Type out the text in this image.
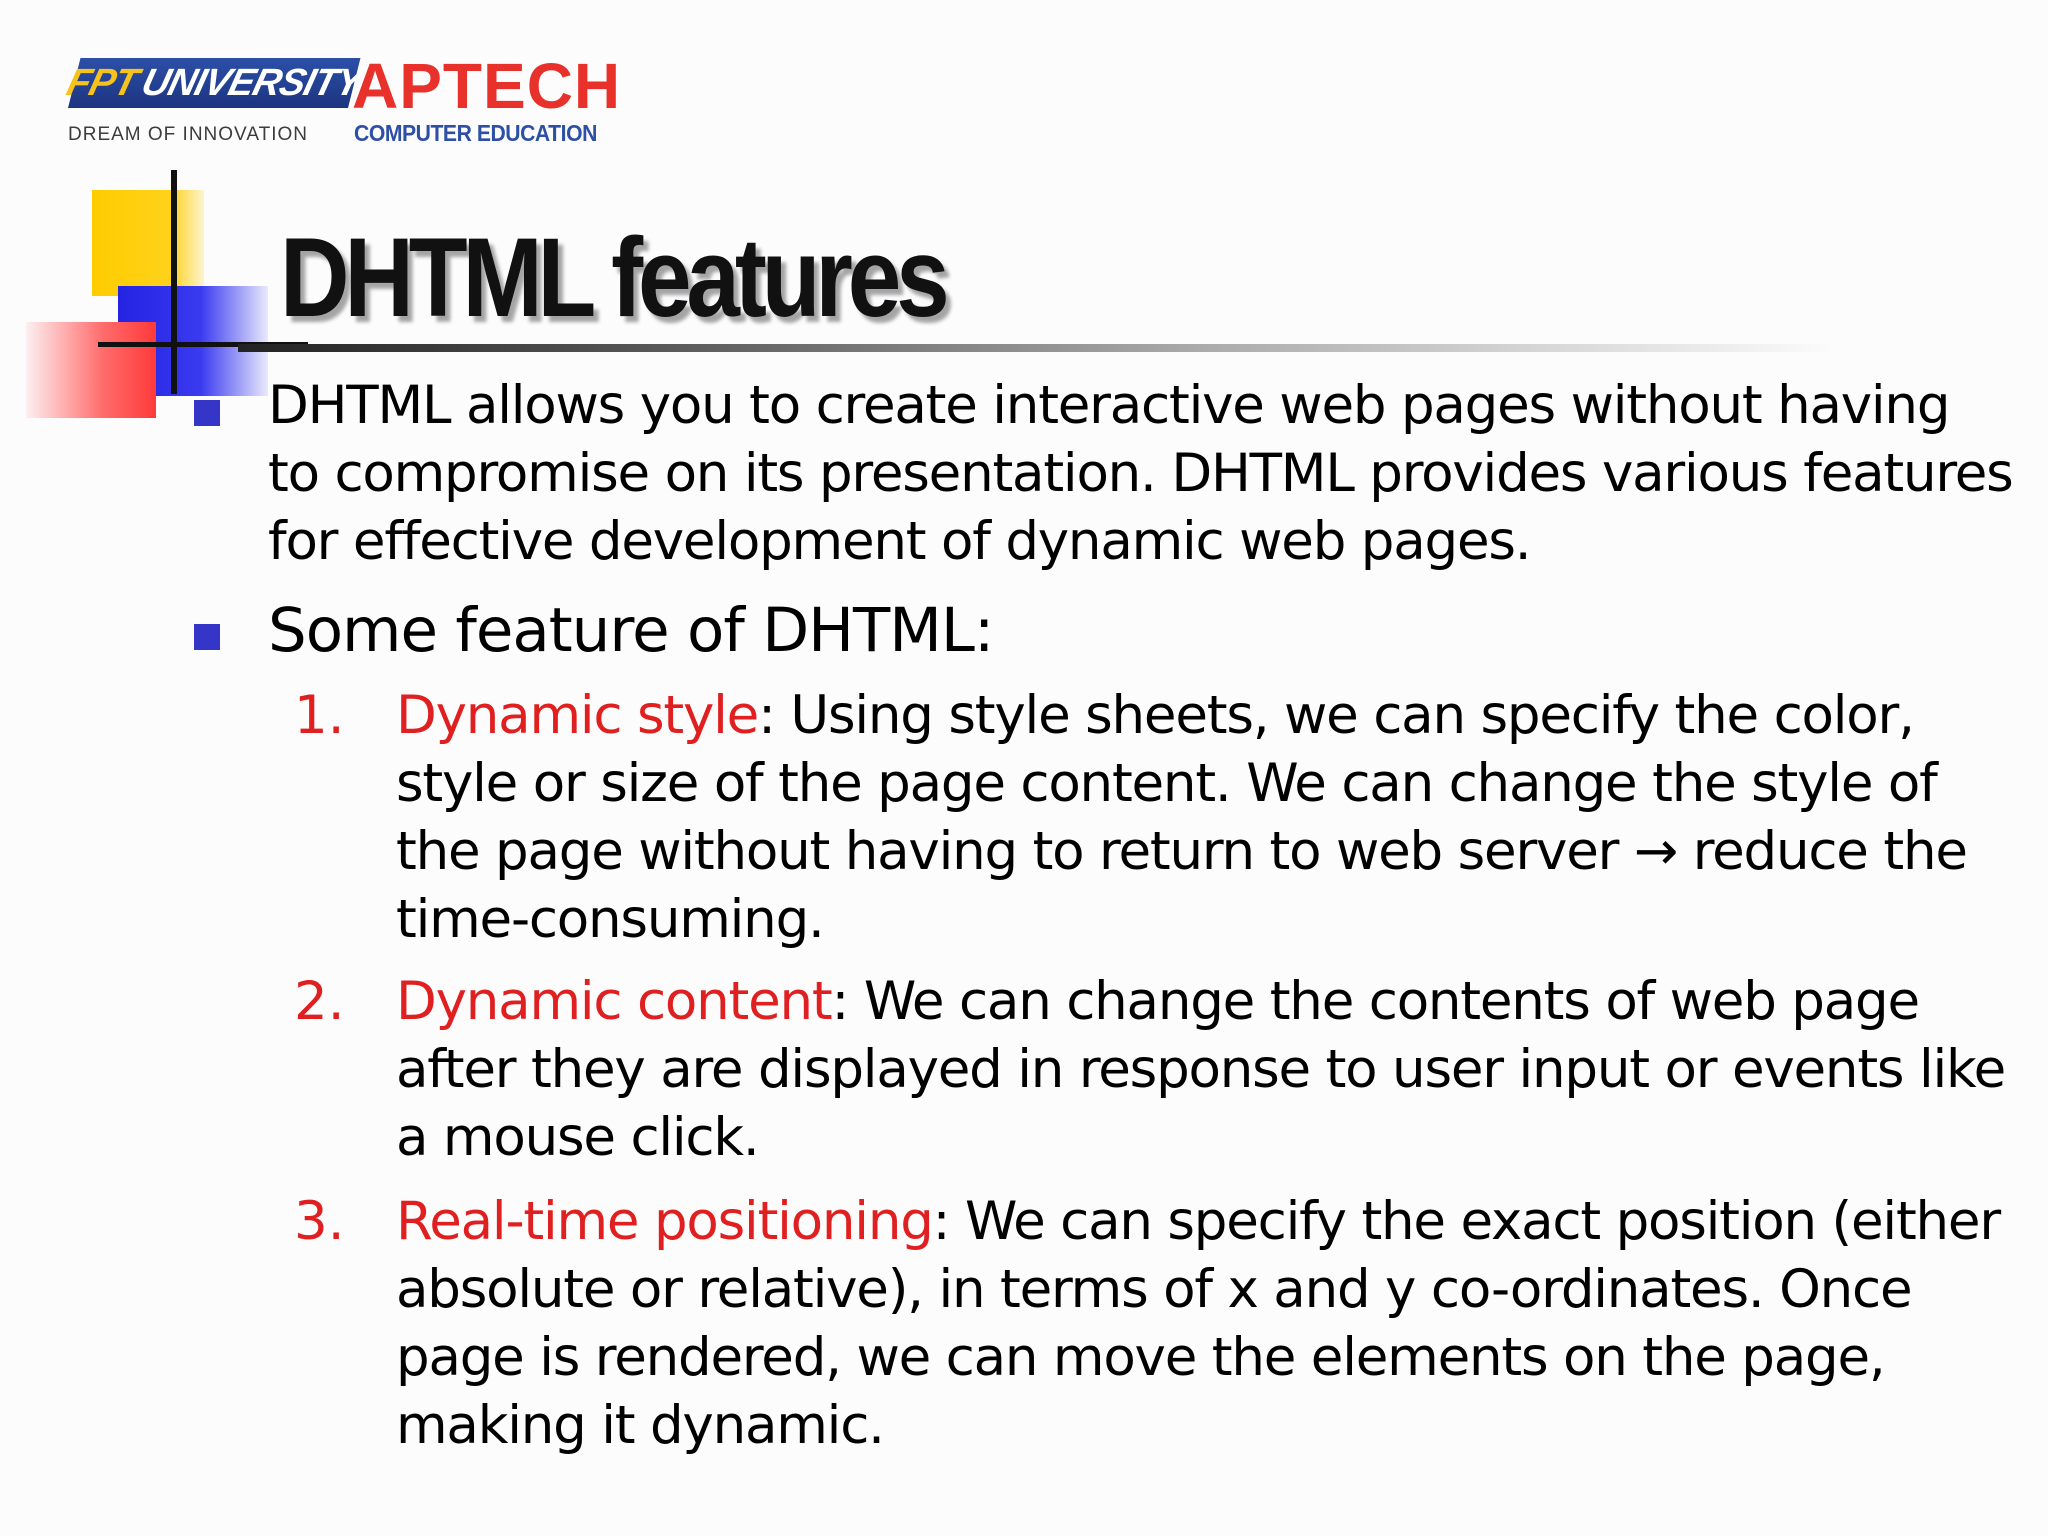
FPT
UNIVERSITY
DREAM OF INNOVATION
APTECH
COMPUTER EDUCATION
DHTML features
DHTML allows you to create interactive web pages without having
to compromise on its presentation. DHTML provides various features
for effective development of dynamic web pages.
Some feature of DHTML:
1. Dynamic style: Using style sheets, we can specify the color,
style or size of the page content. We can change the style of
the page without having to return to web server → reduce the
time-consuming.
2. Dynamic content: We can change the contents of web page
after they are displayed in response to user input or events like
a mouse click.
3. Real-time positioning: We can specify the exact position (either
absolute or relative), in terms of x and y co-ordinates. Once
page is rendered, we can move the elements on the page,
making it dynamic.
